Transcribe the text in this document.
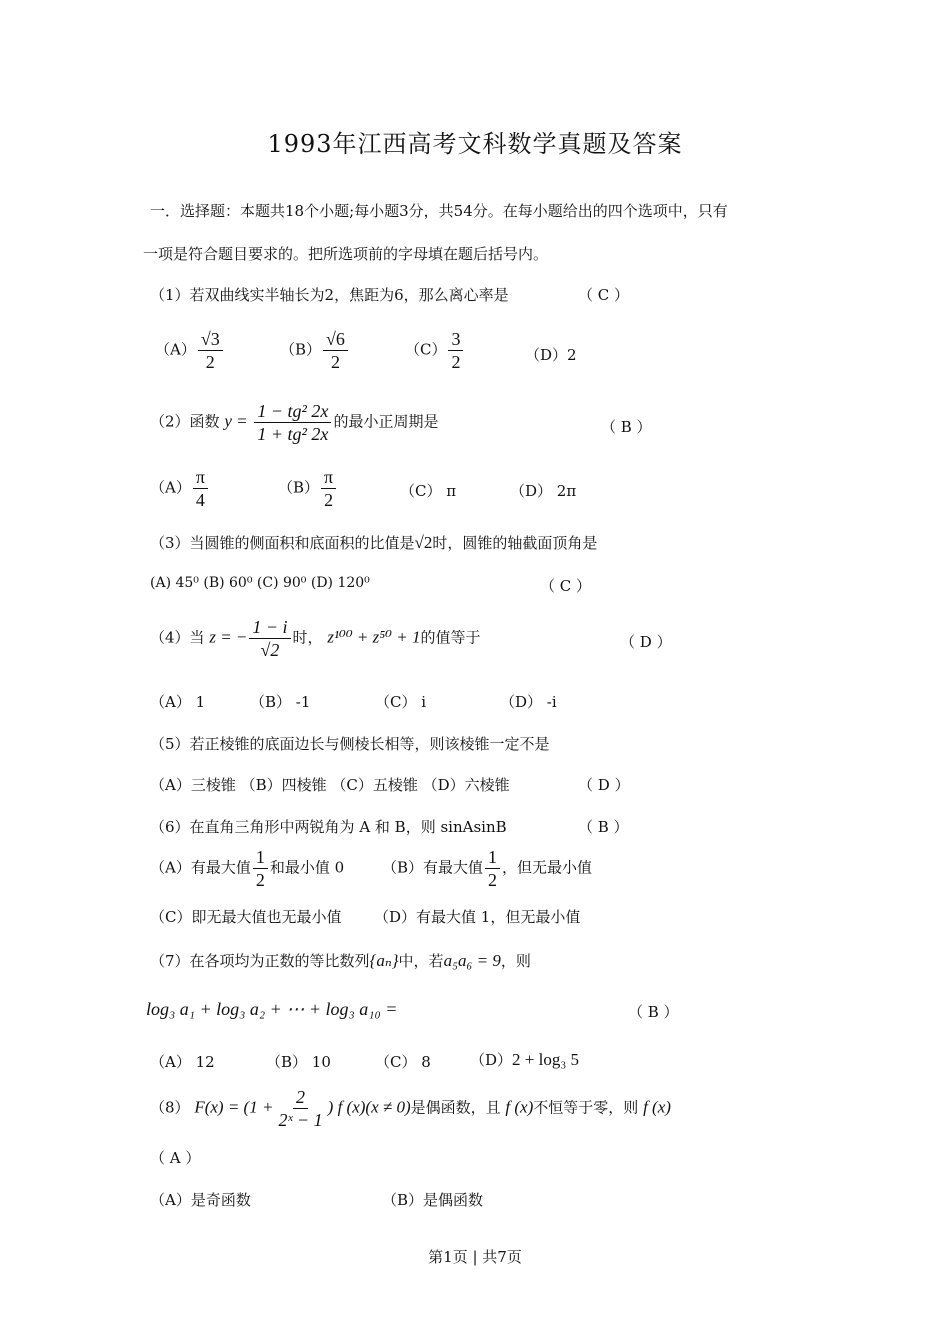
1993年江西高考文科数学真题及答案
一．选择题：本题共18个小题;每小题3分，共54分。在每小题给出的四个选项中，只有
一项是符合题目要求的。把所选项前的字母填在题后括号内。
（1）若双曲线实半轴长为2，焦距为6，那么离心率是	（ C ）
$(A) \frac{√3}{2}$	$(B) \frac{√6}{2}$	$(C) \frac{3}{2}$	（D）2
（2）函数 $y = \frac{\text{1 − tg² 2x}}{\text{1 + tg² 2x}}$ 的最小正周期是	（ B ）
$(A) \frac{\pi}{4}$	$(B) \frac{\pi}{2}$	（C） π	（D） 2π
（3）当圆锥的侧面积和底面积的比值是√2时，圆锥的轴截面顶角是
(A) 45⁰ (B) 60⁰ (C) 90⁰ (D) 120⁰	（ C ）
（4）当 z = − $\frac{1 - i}{√2}$ 时， z¹⁰⁰ + z⁵⁰ + 1的值等于	（ D ）
（A） 1	（B） -1	（C） i	（D） -i
（5）若正棱锥的底面边长与侧棱长相等，则该棱锥一定不是
（A）三棱锥 （B）四棱锥 （C）五棱锥 （D）六棱锥	（ D ）
（6）在直角三角形中两锐角为 A 和 B，则 sinAsinB	（ B ）
（A）有最大值 $\frac{1}{2}$ 和最小值 0	（B）有最大值 $\frac{1}{2}$ ，但无最小值
（C）即无最大值也无最小值 （D）有最大值 1，但无最小值
（7）在各项均为正数的等比数列{aₙ}中，若a₅a₆ = 9，则
log₃ a₁ + log₃ a₂ + ⋯ + log₃ a₁₀ =	（ B ）
（A） 12	（B） 10	（C） 8	（D）2 + log₃ 5
（8） $F(x) = (1 + \frac{2}{\text{2ˣ − 1}}$ ) f (x)(x ≠ 0)是偶函数，且 f (x)不恒等于零，则 f (x)
（ A ）
（A）是奇函数	（B）是偶函数
第1页 | 共7页
